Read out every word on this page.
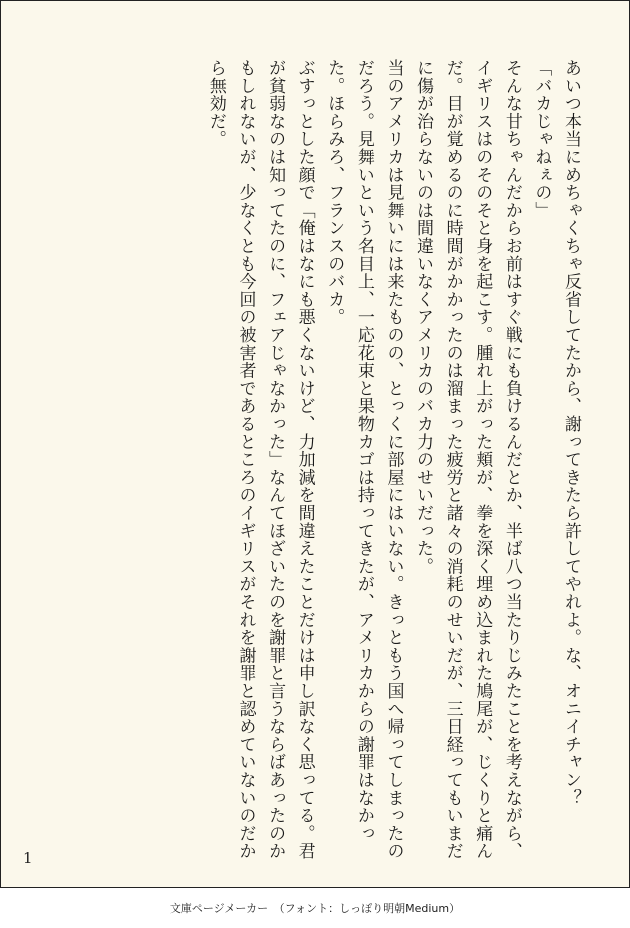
あいつ本当にめちゃくちゃ反省してたから、謝ってきたら許してやれよ。な、オニイチャン？

「バカじゃねぇの」

そんな甘ちゃんだからお前はすぐ戦にも負けるんだとか、半ば八つ当たりじみたことを考えながら、イギリスはのそのそと身を起こす。腫れ上がった頬が、拳を深く埋め込まれた鳩尾が、じくりと痛んだ。目が覚めるのに時間がかかったのは溜まった疲労と諸々の消耗のせいだが、三日経ってもいまだに傷が治らないのは間違いなくアメリカのバカ力のせいだった。

当のアメリカは見舞いには来たものの、とっくに部屋にはいない。きっともう国へ帰ってしまったのだろう。見舞いという名目上、一応花束と果物カゴは持ってきたが、アメリカからの謝罪はなかった。ほらみろ、フランスのバカ。

ぶすっとした顔で「俺はなにも悪くないけど、力加減を間違えたことだけは申し訳なく思ってる。君が貧弱なのは知ってたのに、フェアじゃなかった」なんてほざいたのを謝罪と言うならばあったのかもしれないが、少なくとも今回の被害者であるところのイギリスがそれを謝罪と認めていないのだから無効だ。

1
文庫ページメーカー　（フォント：しっぽり明朝Medium）
